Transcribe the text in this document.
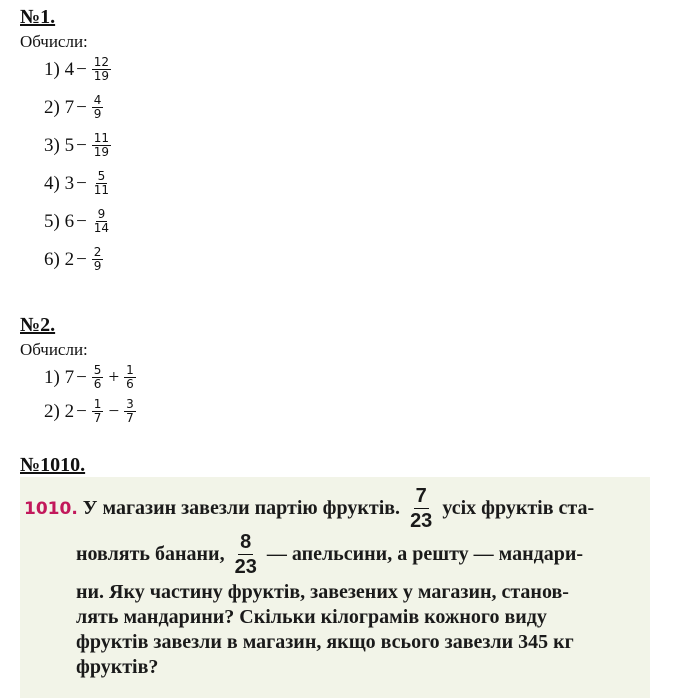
№1.
Обчисли:
1)
$4 - \frac{12}{19}$
2)
$7 - \frac{4}{9}$
3)
$5 - \frac{11}{19}$
4)
$3 - \frac{5}{11}$
5)
$6 - \frac{9}{14}$
6)
$2 - \frac{2}{9}$
№2.
Обчисли:
1)
$7 - \frac{5}{6} + \frac{1}{6}$
2)
$2 - \frac{1}{7} - \frac{3}{7}$
№1010.
1010.
У магазин завезли партію фруктів. $\frac{7}{23}$ усіх фруктів ста-
новлять банани, $\frac{8}{23}$ — апельсини, а решту — мандари-
ни. Яку частину фруктів, завезених у магазин, станов-
лять мандарини? Скільки кілограмів кожного виду
фруктів завезли в магазин, якщо всього завезли 345 кг
фруктів?
